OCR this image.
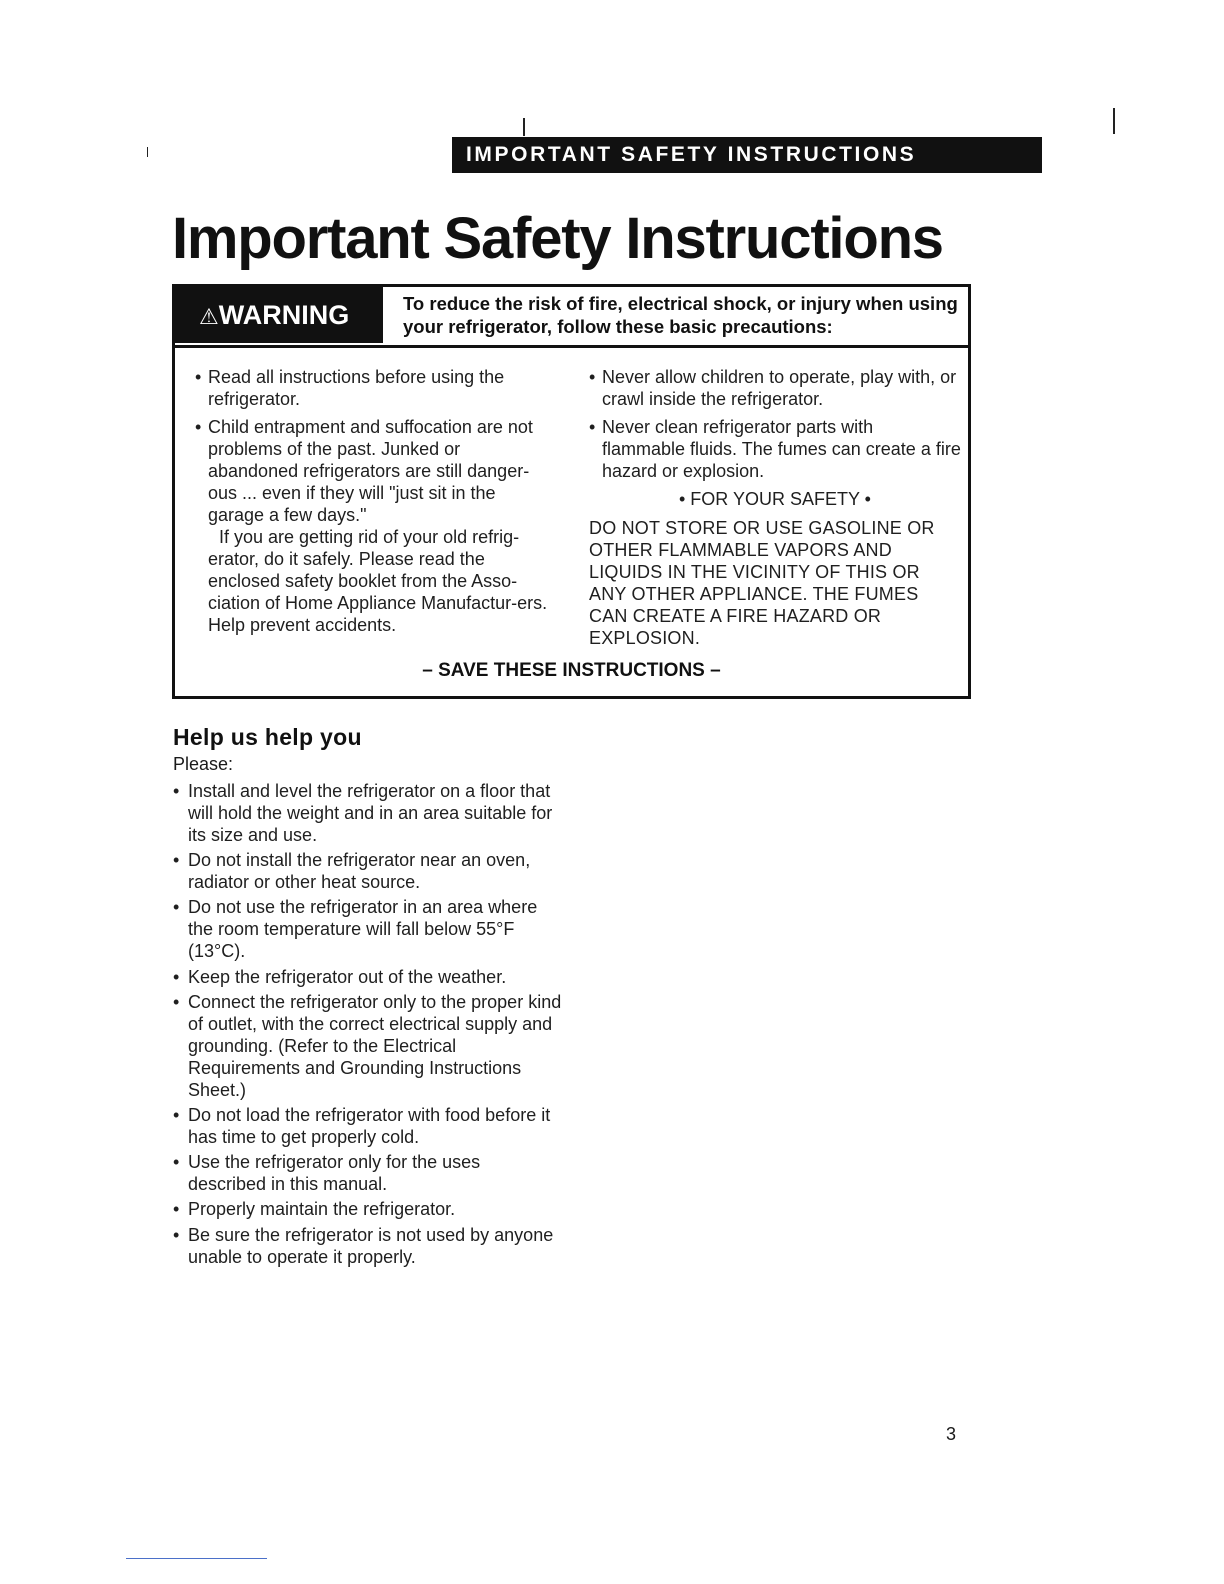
IMPORTANT SAFETY INSTRUCTIONS
Important Safety Instructions
⚠WARNING	To reduce the risk of fire, electrical shock, or injury when using your refrigerator, follow these basic precautions:
• Read all instructions before using the refrigerator.
• Child entrapment and suffocation are not problems of the past. Junked or abandoned refrigerators are still danger-ous ... even if they will "just sit in the garage a few days."
If you are getting rid of your old refrig-erator, do it safely. Please read the enclosed safety booklet from the Asso-ciation of Home Appliance Manufactur-ers. Help prevent accidents.
• Never allow children to operate, play with, or crawl inside the refrigerator.
• Never clean refrigerator parts with flammable fluids. The fumes can create a fire hazard or explosion.
• FOR YOUR SAFETY •
DO NOT STORE OR USE GASOLINE OR OTHER FLAMMABLE VAPORS AND LIQUIDS IN THE VICINITY OF THIS OR ANY OTHER APPLIANCE. THE FUMES CAN CREATE A FIRE HAZARD OR EXPLOSION.
– SAVE THESE INSTRUCTIONS –
Help us help you
Please:
• Install and level the refrigerator on a floor that will hold the weight and in an area suitable for its size and use.
• Do not install the refrigerator near an oven, radiator or other heat source.
• Do not use the refrigerator in an area where the room temperature will fall below 55°F (13°C).
• Keep the refrigerator out of the weather.
• Connect the refrigerator only to the proper kind of outlet, with the correct electrical supply and grounding. (Refer to the Electrical Requirements and Grounding Instructions Sheet.)
• Do not load the refrigerator with food before it has time to get properly cold.
• Use the refrigerator only for the uses described in this manual.
• Properly maintain the refrigerator.
• Be sure the refrigerator is not used by anyone unable to operate it properly.
3
